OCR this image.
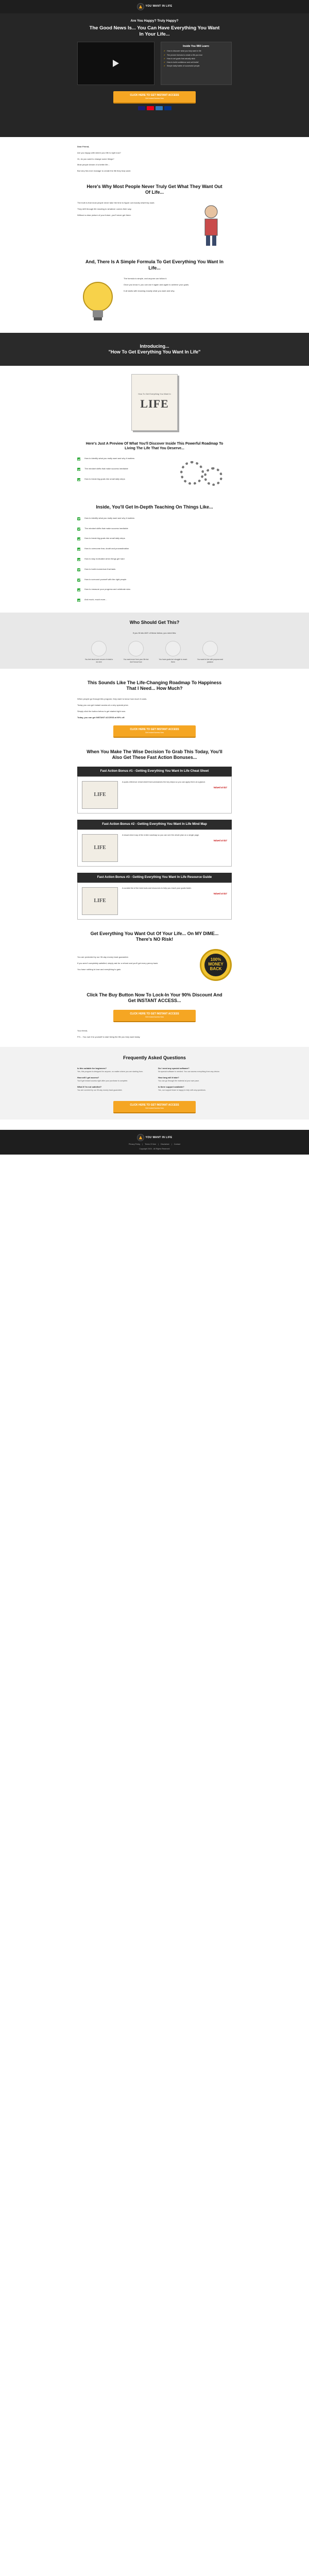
YOU WANT IN LIFE
Are You Happy? Truly Happy?
The Good News Is... You Can Have Everything You Want In Your Life...
Inside You Will Learn:
✔ How to discover what you truly want in life
✔ The proven formula to create a life you love
✔ How to set goals that actually stick
✔ How to build confidence and self-belief
✔ Simple daily habits of successful people
CLICK HERE TO GET INSTANT ACCESS
Get Instant Access Now

Dear Friend,

Are you happy with where your life is right now?

Or, do you want to change some things?

Most people dream of a better life...

But very few ever manage to create the life they truly want.

Here's Why Most People Never Truly Get What They Want Out Of Life...

The truth is that most people never take the time to figure out exactly what they want.

They drift through life reacting to whatever comes their way.

Without a clear picture of your future, you'll never get there.

And, There Is A Simple Formula To Get Everything You Want In Life...

The formula is simple, and anyone can follow it.

Once you know it, you can use it again and again to achieve your goals.

It all starts with knowing exactly what you want and why.

Introducing...
"How To Get Everything You Want In Life"
How To Get Everything You Want In
LIFE
Here's Just A Preview Of What You'll Discover Inside This Powerful Roadmap To Living The Life That You Deserve...
How to identify what you really want and why it matters
The mindset shifts that make success inevitable
How to break big goals into small daily steps
Inside, You'll Get In-Depth Teaching On Things Like...
How to identify what you really want and why it matters
The mindset shifts that make success inevitable
How to break big goals into small daily steps
How to overcome fear, doubt and procrastination
How to stay motivated when things get hard
How to build momentum that lasts
How to surround yourself with the right people
How to measure your progress and celebrate wins
And much, much more...
Who Should Get This?

If you fit into ANY of these below, you need this:

You feel stuck and unsure of what to do next
You want more from your life but don't know how
You have goals but struggle to reach them
You want to live with purpose and passion
This Sounds Like The Life-Changing Roadmap To Happiness That I Need... How Much?

When people go through this program, they want to know how much it costs.

Today you can get instant access at a very special price.

Simply click the button below to get started right now.

Today, you can get INSTANT ACCESS at 90% off.

CLICK HERE TO GET INSTANT ACCESS
Get Instant Access Now
When You Make The Wise Decision To Grab This Today, You'll Also Get These Fast Action Bonuses...
Fast Action Bonus #1 - Getting Everything You Want In Life Cheat Sheet
LIFE
A quick-reference cheat sheet that summarizes the key steps so you can apply them at a glance.
Valued at $17
Fast Action Bonus #2 - Getting Everything You Want In Life Mind Map
LIFE
A visual mind map of the entire roadmap so you can see the whole plan on a single page.
Valued at $17
Fast Action Bonus #3 - Getting Everything You Want In Life Resource Guide
LIFE
A curated list of the best tools and resources to help you reach your goals faster.
Valued at $17
Get Everything You Want Out Of Your Life... On MY DIME... There's NO Risk!

You are protected by our 30-day money back guarantee.

If you aren't completely satisfied, simply ask for a refund and you'll get every penny back.

You have nothing to lose and everything to gain.

100% MONEY BACK
Click The Buy Button Now To Lock-In Your 90% Discount And Get INSTANT ACCESS...
CLICK HERE TO GET INSTANT ACCESS
Get Instant Access Now

Your friend,

P.S. - You owe it to yourself to start living the life you truly want today.

Frequently Asked Questions
Is this suitable for beginners?
Yes, this program is designed for anyone, no matter where you are starting from.
How will I get access?
You'll get instant access right after your purchase is complete.
What if I'm not satisfied?
You are covered by our 30-day money back guarantee.
Do I need any special software?
No special software is needed. You can access everything from any device.
How long will it take?
You can go through the material at your own pace.
Is there support available?
Yes, our support team is happy to help with any questions.
CLICK HERE TO GET INSTANT ACCESS
Get Instant Access Now
YOU WANT IN LIFE
Privacy Policy | Terms Of Use | Disclaimer | Contact
Copyright 2024 - All Rights Reserved
